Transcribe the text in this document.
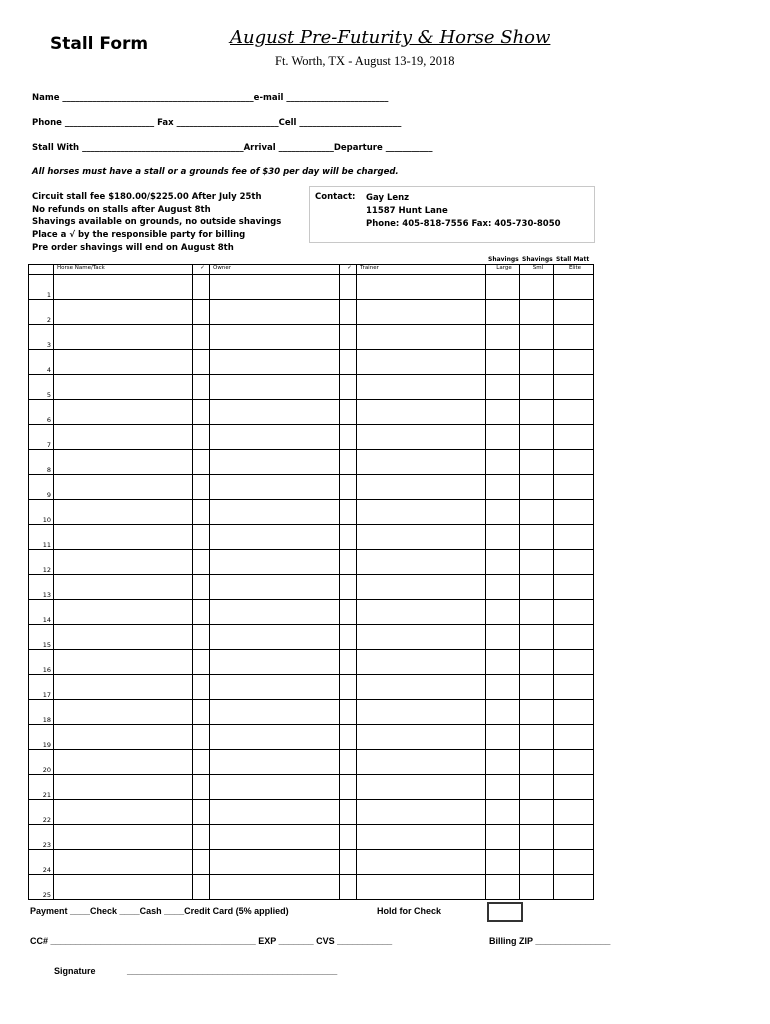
Stall Form	August Pre-Futurity & Horse Show
Ft. Worth, TX - August 13-19, 2018
Name _____________________________________________e-mail ________________________
Phone _____________________ Fax ________________________Cell ________________________
Stall With ______________________________________Arrival _____________Departure ___________
All horses must have a stall or a grounds fee of $30 per day will be charged.
Circuit stall fee $180.00/$225.00 After July 25th
No refunds on stalls after August 8th
Shavings available on grounds, no outside shavings
Place a √ by the responsible party for billing
Pre order shavings will end on August 8th
Contact: Gay Lenz
11587 Hunt Lane
Phone: 405-818-7556 Fax: 405-730-8050
Shavings Shavings Stall Matt
	Horse Name/Tack	✓	Owner	✓	Trainer	Large	Sml	Elite
1								
2								
3								
4								
5								
6								
7								
8								
9								
10								
11								
12								
13								
14								
15								
16								
17								
18								
19								
20								
21								
22								
23								
24								
25								
Payment ____Check ____Cash ____Credit Card (5% applied)	Hold for Check
CC# _________________________________________ EXP _______ CVS ___________	Billing ZIP _______________
Signature	__________________________________________
